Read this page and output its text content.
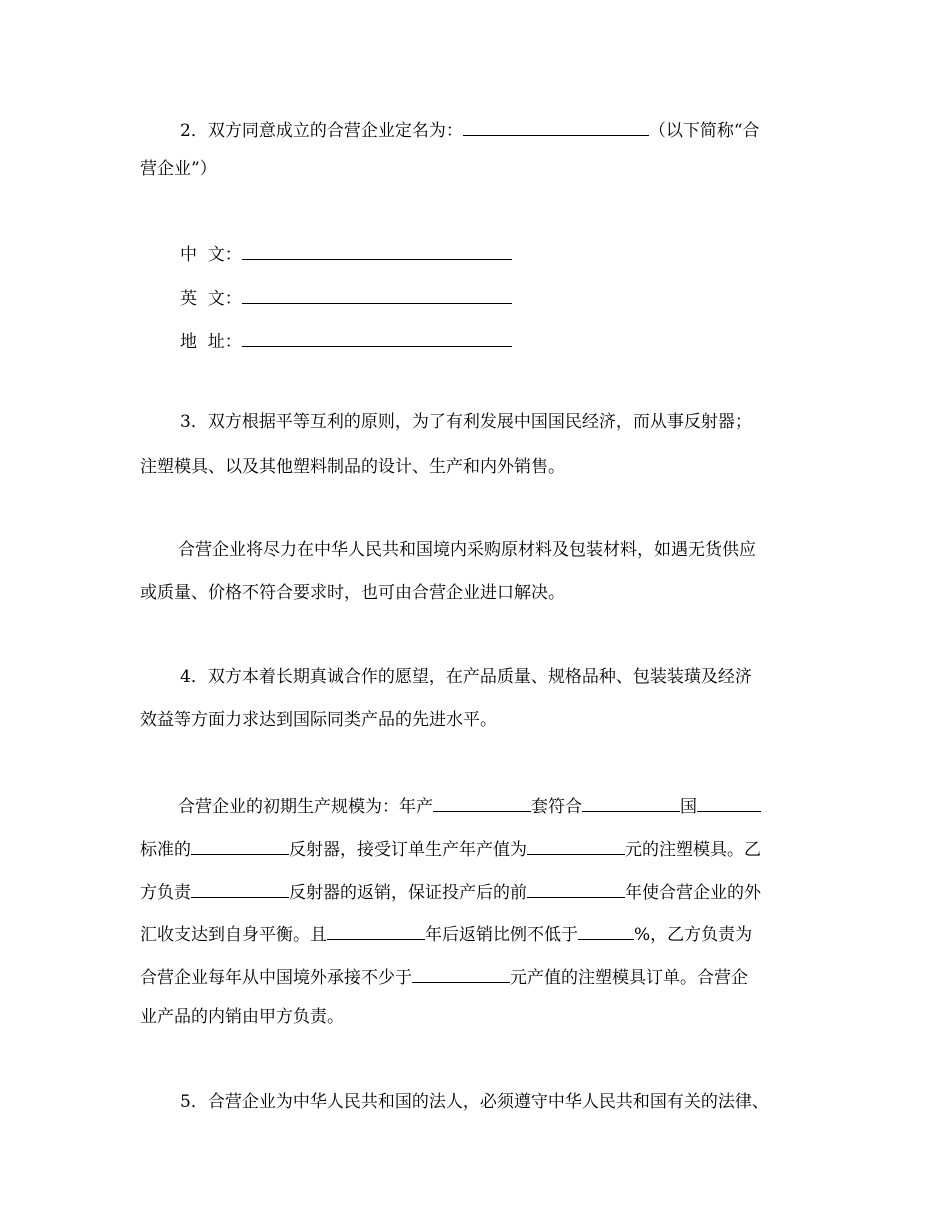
2．双方同意成立的合营企业定名为：	（以下简称“合
营企业”）
中  文：
英  文：
地  址：
3．双方根据平等互利的原则，为了有利发展中国国民经济，而从事反射器；
注塑模具、以及其他塑料制品的设计、生产和内外销售。
合营企业将尽力在中华人民共和国境内采购原材料及包装材料，如遇无货供应
或质量、价格不符合要求时，也可由合营企业进口解决。
4．双方本着长期真诚合作的愿望，在产品质量、规格品种、包装装璜及经济
效益等方面力求达到国际同类产品的先进水平。
合营企业的初期生产规模为：年产	套符合	国
标准的	反射器，接受订单生产年产值为	元的注塑模具。乙
方负责	反射器的返销，保证投产后的前	年使合营企业的外
汇收支达到自身平衡。且	年后返销比例不低于	%，乙方负责为
合营企业每年从中国境外承接不少于	元产值的注塑模具订单。合营企
业产品的内销由甲方负责。
5．合营企业为中华人民共和国的法人，必须遵守中华人民共和国有关的法律、
